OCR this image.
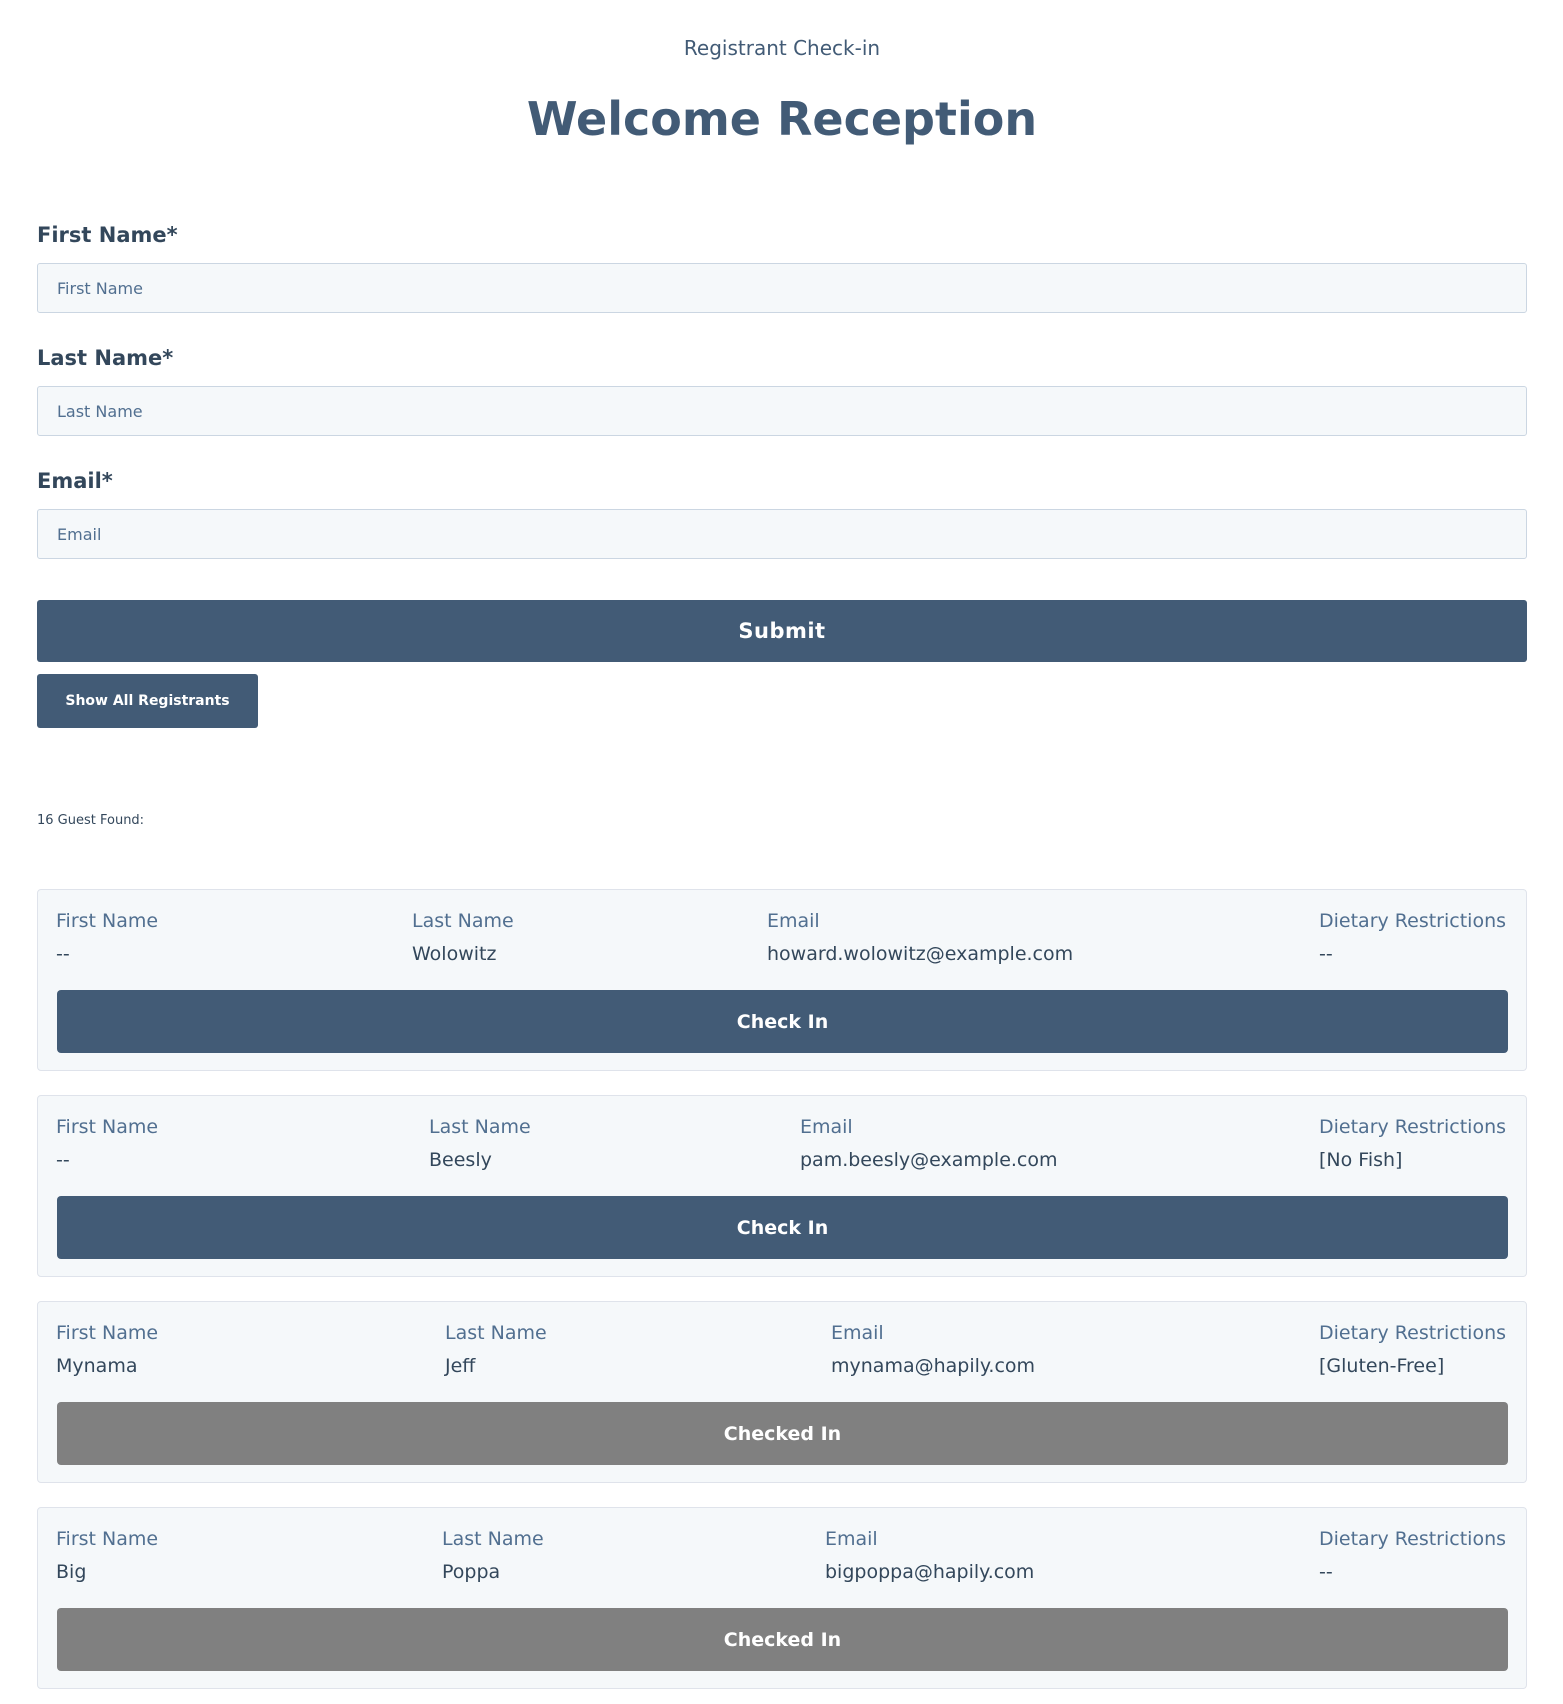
Registrant Check-in
Welcome Reception
First Name*
First Name
Last Name*
Last Name
Email*
Email
Submit
Show All Registrants
16 Guest Found:
First Name
--
Last Name
Wolowitz
Email
howard.wolowitz@example.com
Dietary Restrictions
--
Check In
First Name
--
Last Name
Beesly
Email
pam.beesly@example.com
Dietary Restrictions
[No Fish]
Check In
First Name
Mynama
Last Name
Jeff
Email
mynama@hapily.com
Dietary Restrictions
[Gluten-Free]
Checked In
First Name
Big
Last Name
Poppa
Email
bigpoppa@hapily.com
Dietary Restrictions
--
Checked In
